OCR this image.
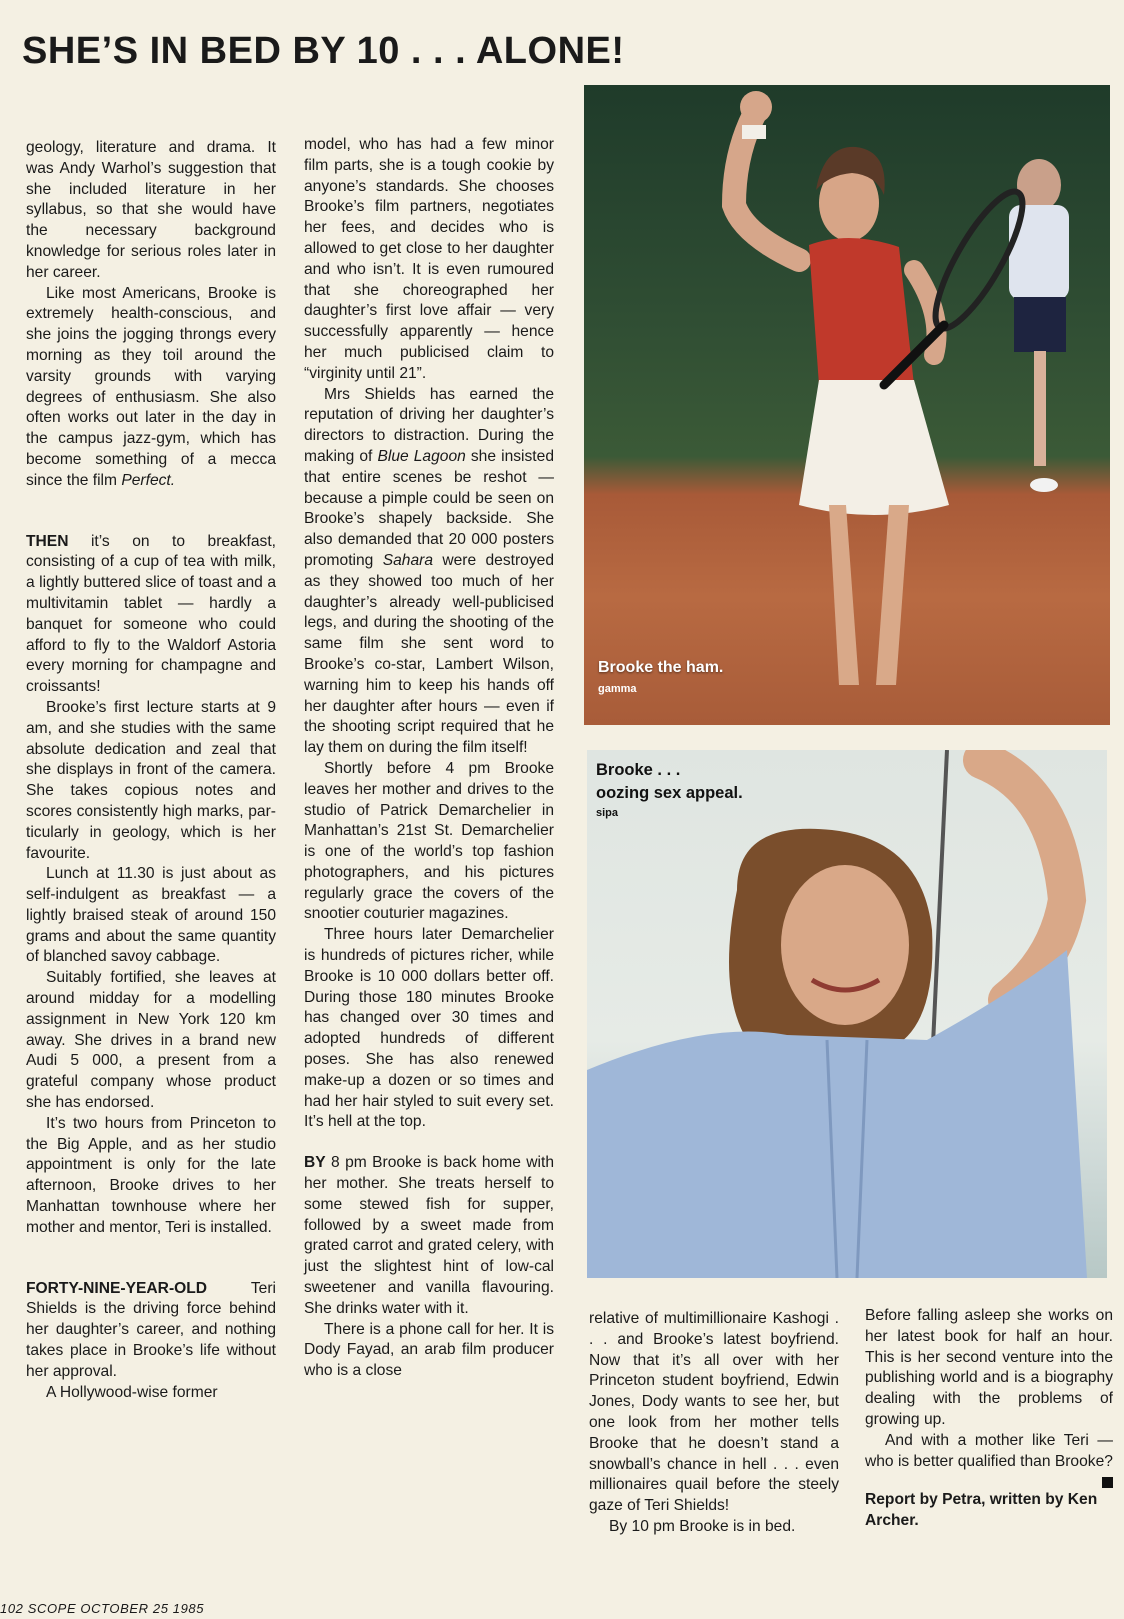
SHE’S IN BED BY 10 . . . ALONE!

geology, literature and drama. It was Andy Warhol’s suggestion that she included literature in her syllabus, so that she would have the necessary background knowledge for serious roles later in her career.

Like most Americans, Brooke is extremely health-conscious, and she joins the jogging throngs every morning as they toil around the varsity grounds with varying degrees of enthusiasm. She also often works out later in the day in the campus jazz-gym, which has become something of a mecca since the film Perfect.

THEN it’s on to breakfast, consisting of a cup of tea with milk, a lightly buttered slice of toast and a multivitamin tablet — hardly a banquet for someone who could afford to fly to the Waldorf Astoria every morning for champagne and croissants!

Brooke’s first lecture starts at 9 am, and she studies with the same absolute dedication and zeal that she displays in front of the camera. She takes copious notes and scores consistently high marks, particularly in geology, which is her favourite.

Lunch at 11.30 is just about as self-indulgent as breakfast — a lightly braised steak of around 150 grams and about the same quantity of blanched savoy cabbage.

Suitably fortified, she leaves at around midday for a modelling assignment in New York 120 km away. She drives in a brand new Audi 5 000, a present from a grateful company whose product she has endorsed.

It’s two hours from Princeton to the Big Apple, and as her studio appointment is only for the late afternoon, Brooke drives to her Manhattan townhouse where her mother and mentor, Teri is installed.

FORTY-NINE-YEAR-OLD Teri Shields is the driving force behind her daughter’s career, and nothing takes place in Brooke’s life without her approval.

A Hollywood-wise former

model, who has had a few minor film parts, she is a tough cookie by anyone’s standards. She chooses Brooke’s film partners, negotiates her fees, and decides who is allowed to get close to her daughter and who isn’t. It is even rumoured that she choreographed her daughter’s first love affair — very successfully apparently — hence her much publicised claim to “virginity until 21”.

Mrs Shields has earned the reputation of driving her daughter’s directors to distraction. During the making of Blue Lagoon she insisted that entire scenes be reshot — because a pimple could be seen on Brooke’s shapely backside. She also demanded that 20 000 posters promoting Sahara were destroyed as they showed too much of her daughter’s already well-publicised legs, and during the shooting of the same film she sent word to Brooke’s co-star, Lambert Wilson, warning him to keep his hands off her daughter after hours — even if the shooting script required that he lay them on during the film itself!

Shortly before 4 pm Brooke leaves her mother and drives to the studio of Patrick Demarchelier in Manhattan’s 21st St. Demarchelier is one of the world’s top fashion photographers, and his pictures regularly grace the covers of the snootier couturier magazines.

Three hours later Demarchelier is hundreds of pictures richer, while Brooke is 10 000 dollars better off. During those 180 minutes Brooke has changed over 30 times and adopted hundreds of different poses. She has also renewed make-up a dozen or so times and had her hair styled to suit every set. It’s hell at the top.

BY 8 pm Brooke is back home with her mother. She treats herself to some stewed fish for supper, followed by a sweet made from grated carrot and grated celery, with just the slightest hint of low-cal sweetener and vanilla flavouring. She drinks water with it.

There is a phone call for her. It is Dody Fayad, an arab film producer who is a close

relative of multimillionaire Kashogi . . . and Brooke’s latest boyfriend. Now that it’s all over with her Princeton student boyfriend, Edwin Jones, Dody wants to see her, but one look from her mother tells Brooke that he doesn’t stand a snowball’s chance in hell . . . even millionaires quail before the steely gaze of Teri Shields!

By 10 pm Brooke is in bed.

Before falling asleep she works on her latest book for half an hour. This is her second venture into the publishing world and is a biography dealing with the problems of growing up.

And with a mother like Teri — who is better qualified than Brooke?

Report by Petra, written by Ken Archer.

Brooke the ham.
gamma
Brooke . . .
oozing sex appeal.
sipa
102 SCOPE OCTOBER 25 1985
